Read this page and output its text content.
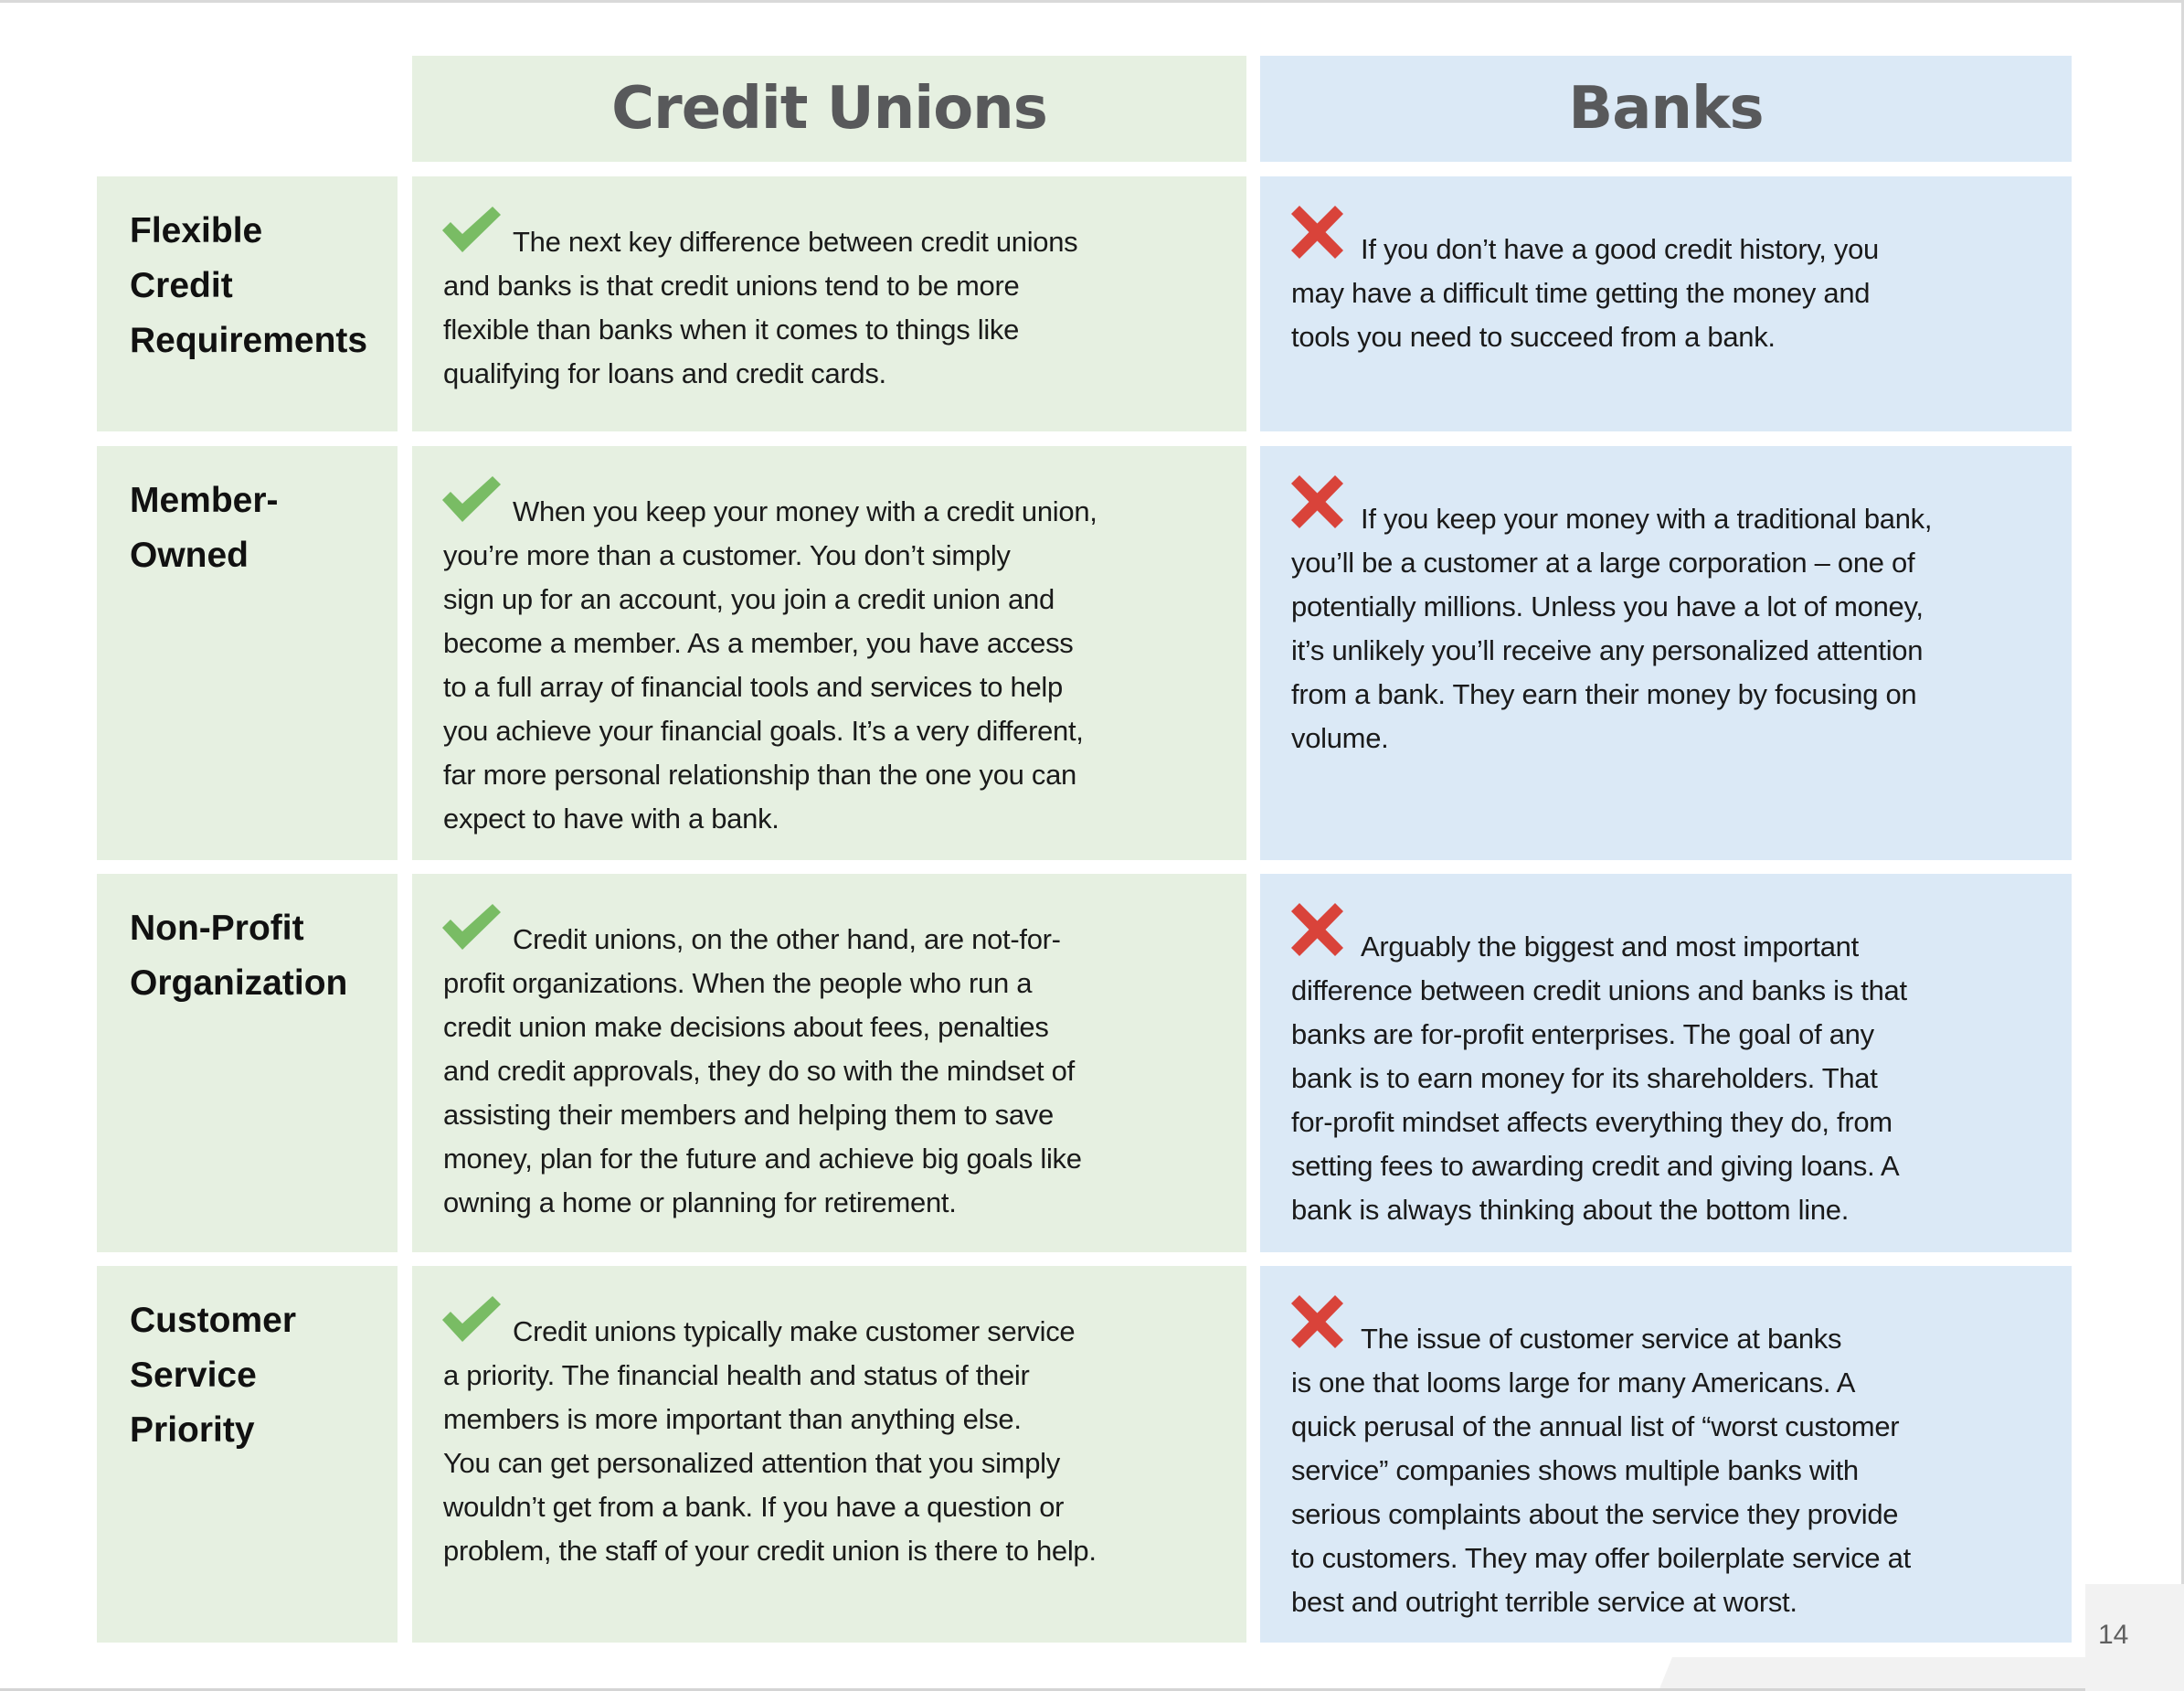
Credit Unions	Banks
Flexible
Credit
Requirements
The next key difference between credit unions
and banks is that credit unions tend to be more
flexible than banks when it comes to things like
qualifying for loans and credit cards.
If you don’t have a good credit history, you
may have a difficult time getting the money and
tools you need to succeed from a bank.
Member-
Owned
When you keep your money with a credit union,
you’re more than a customer. You don’t simply
sign up for an account, you join a credit union and
become a member. As a member, you have access
to a full array of financial tools and services to help
you achieve your financial goals. It’s a very different,
far more personal relationship than the one you can
expect to have with a bank.
If you keep your money with a traditional bank,
you’ll be a customer at a large corporation – one of
potentially millions. Unless you have a lot of money,
it’s unlikely you’ll receive any personalized attention
from a bank. They earn their money by focusing on
volume.
Non-Profit
Organization
Credit unions, on the other hand, are not-for-
profit organizations. When the people who run a
credit union make decisions about fees, penalties
and credit approvals, they do so with the mindset of
assisting their members and helping them to save
money, plan for the future and achieve big goals like
owning a home or planning for retirement.
Arguably the biggest and most important
difference between credit unions and banks is that
banks are for-profit enterprises. The goal of any
bank is to earn money for its shareholders. That
for-profit mindset affects everything they do, from
setting fees to awarding credit and giving loans. A
bank is always thinking about the bottom line.
Customer
Service
Priority
Credit unions typically make customer service
a priority. The financial health and status of their
members is more important than anything else.
You can get personalized attention that you simply
wouldn’t get from a bank. If you have a question or
problem, the staff of your credit union is there to help.
The issue of customer service at banks
is one that looms large for many Americans. A
quick perusal of the annual list of “worst customer
service” companies shows multiple banks with
serious complaints about the service they provide
to customers. They may offer boilerplate service at
best and outright terrible service at worst.
14
